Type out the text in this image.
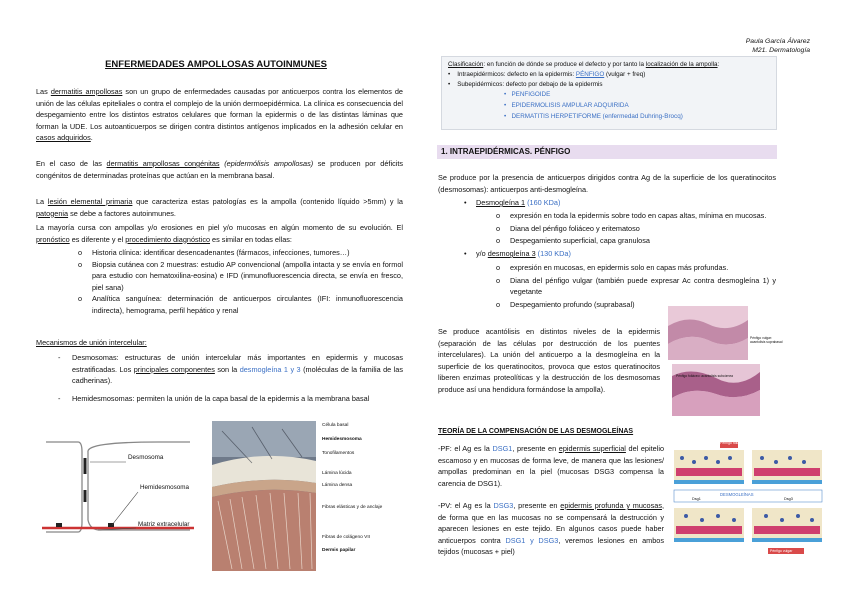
Paula García Álvarez
M21. Dermatología
ENFERMEDADES AMPOLLOSAS AUTOINMUNES
Las dermatitis ampollosas son un grupo de enfermedades causadas por anticuerpos contra los elementos de unión de las células epiteliales o contra el complejo de la unión dermoepidérmica. La clínica es consecuencia del despegamiento entre los distintos estratos celulares que forman la epidermis o de las distintas láminas que forman la UDE. Los autoanticuerpos se dirigen contra distintos antígenos implicados en la adhesión celular en casos adquiridos.
En el caso de las dermatitis ampollosas congénitas (epidermólisis ampollosas) se producen por déficits congénitos de determinadas proteínas que actúan en la membrana basal.
La lesión elemental primaria que caracteriza estas patologías es la ampolla (contenido líquido >5mm) y la patogenia se debe a factores autoinmunes.
La mayoría cursa con ampollas y/o erosiones en piel y/o mucosas en algún momento de su evolución. El pronóstico es diferente y el procedimiento diagnóstico es similar en todas ellas:
o Historia clínica: identificar desencadenantes (fármacos, infecciones, tumores…)
o Biopsia cutánea con 2 muestras: estudio AP convencional (ampolla intacta y se envía en formol para estudio con hematoxilina-eosina) e IFD (inmunofluorescencia directa, se envía en fresco, piel sana)
o Analítica sanguínea: determinación de anticuerpos circulantes (IFI: inmunofluorescencia indirecta), hemograma, perfil hepático y renal
Mecanismos de unión intercelular:
- Desmosomas: estructuras de unión intercelular más importantes en epidermis y mucosas estratificadas. Los principales componentes son la desmogleína 1 y 3 (moléculas de la familia de las cadherinas).
- Hemidesmosomas: permiten la unión de la capa basal de la epidermis a la membrana basal
Desmosoma
Hemidesmosoma
Matriz extracelular
Célula basal
Hemidesmosoma
Tonofilamentos
Lámina lúcida
Lámina densa
Fibras elásticas y de anclaje
Fibras de colágeno VII
Dermis papilar
Clasificación: en función de dónde se produce el defecto y por tanto la localización de la ampolla:
• Intraepidérmicos: defecto en la epidermis: PÉNFIGO (vulgar + freq)
• Subepidérmicos: defecto por debajo de la epidermis
•   PENFIGOIDE
•   EPIDERMOLISIS AMPULAR ADQUIRIDA
•   DERMATITIS HERPETIFORME (enfermedad Duhring-Brocq)
1. INTRAEPIDÉRMICAS. PÉNFIGO
Se produce por la presencia de anticuerpos dirigidos contra Ag de la superficie de los queratinocitos (desmosomas): anticuerpos anti-desmogleína.
• Desmogleína 1 (160 KDa)
o expresión en toda la epidermis sobre todo en capas altas, mínima en mucosas.
o Diana del pénfigo foliáceo y eritematoso
o Despegamiento superficial, capa granulosa
• y/o desmogleína 3 (130 KDa)
o expresión en mucosas, en epidermis solo en capas más profundas.
o Diana del pénfigo vulgar (también puede expresar Ac contra desmogleína 1) y vegetante
o Despegamiento profundo (suprabasal)
Se produce acantólisis en distintos niveles de la epidermis (separación de las células por destrucción de los puentes intercelulares). La unión del anticuerpo a la desmogleína en la superficie de los queratinocitos, provoca que estos queratinocitos liberen enzimas proteolíticas y la destrucción de los desmosomas produce así una hendidura formándose la ampolla).
Pénfigo vulgar: acantolisis suprabasal
Pénfigo foliáceo: acantolisis subcórnea
TEORÍA DE LA COMPENSACIÓN DE LAS DESMOGLEÍNAS
-PF: el Ag es la DSG1, presente en epidermis superficial del epitelio escamoso y en mucosas de forma leve, de manera que las lesiones/ ampollas predominan en la piel (mucosas DSG3 compensa la carencia de DSG1).
-PV: el Ag es la DSG3, presente en epidermis profunda y mucosas, de forma que en las mucosas no se compensará la destrucción y aparecen lesiones en este tejido. En algunos casos puede haber anticuerpos contra DSG1 y DSG3, veremos lesiones en ambos tejidos (mucosas + piel)
Pénfigo foliáceo
DESMOGLEÍNAS
Dsg1	Dsg3
Pénfigo vulgar
